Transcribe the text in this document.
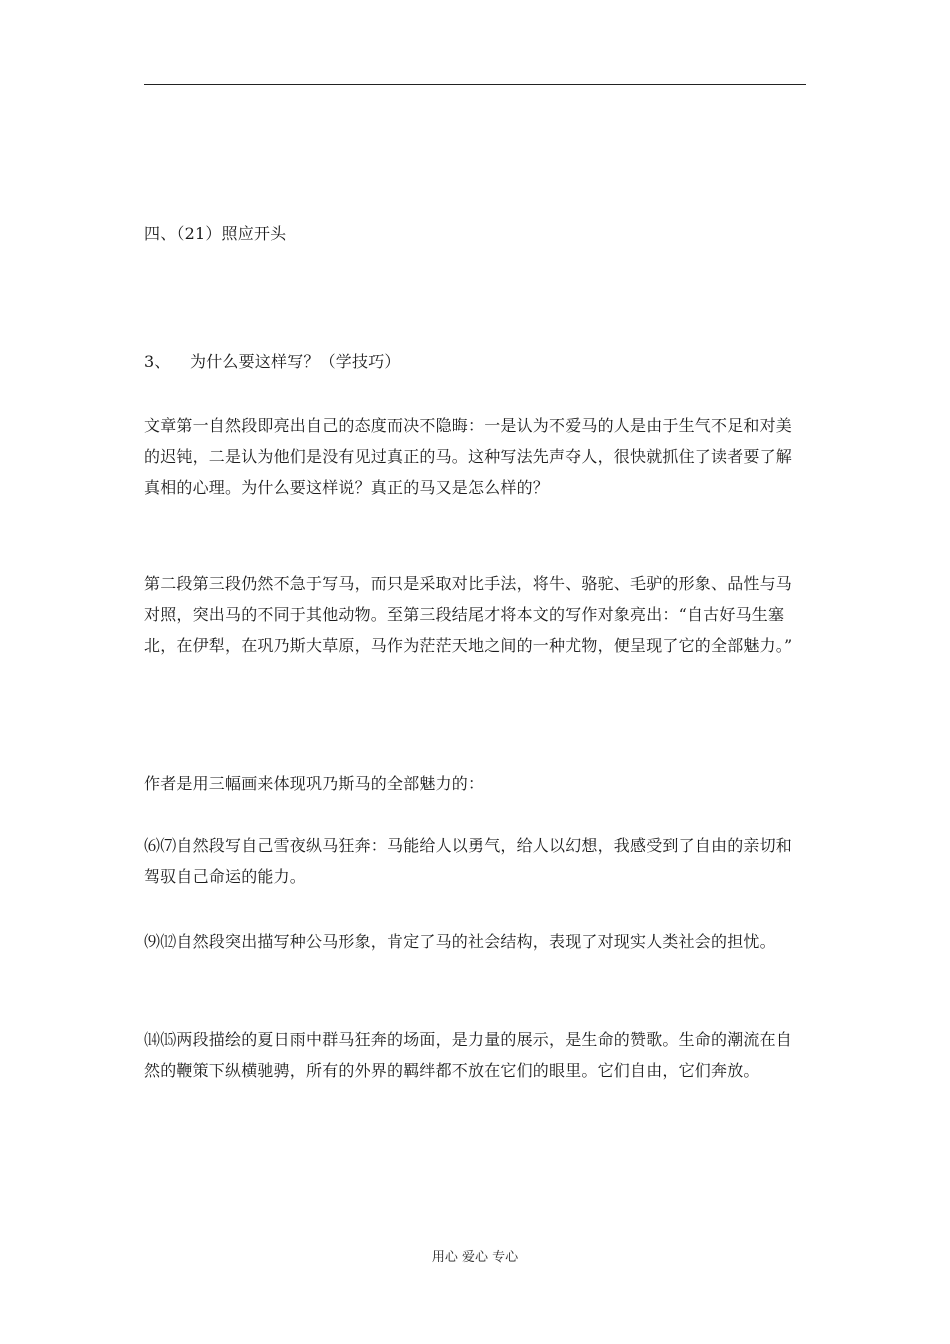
四、（21）照应开头

3、 为什么要这样写？（学技巧）

文章第一自然段即亮出自己的态度而决不隐晦：一是认为不爱马的人是由于生气不足和对美的迟钝，二是认为他们是没有见过真正的马。这种写法先声夺人，很快就抓住了读者要了解真相的心理。为什么要这样说？真正的马又是怎么样的？

第二段第三段仍然不急于写马，而只是采取对比手法，将牛、骆驼、毛驴的形象、品性与马对照，突出马的不同于其他动物。至第三段结尾才将本文的写作对象亮出：“自古好马生塞北，在伊犁，在巩乃斯大草原，马作为茫茫天地之间的一种尤物，便呈现了它的全部魅力。”

作者是用三幅画来体现巩乃斯马的全部魅力的：

⑹⑺自然段写自己雪夜纵马狂奔：马能给人以勇气，给人以幻想，我感受到了自由的亲切和驾驭自己命运的能力。

⑼⑿自然段突出描写种公马形象，肯定了马的社会结构，表现了对现实人类社会的担忧。

⒁⒂两段描绘的夏日雨中群马狂奔的场面，是力量的展示，是生命的赞歌。生命的潮流在自然的鞭策下纵横驰骋，所有的外界的羁绊都不放在它们的眼里。它们自由，它们奔放。

用心 爱心 专心
